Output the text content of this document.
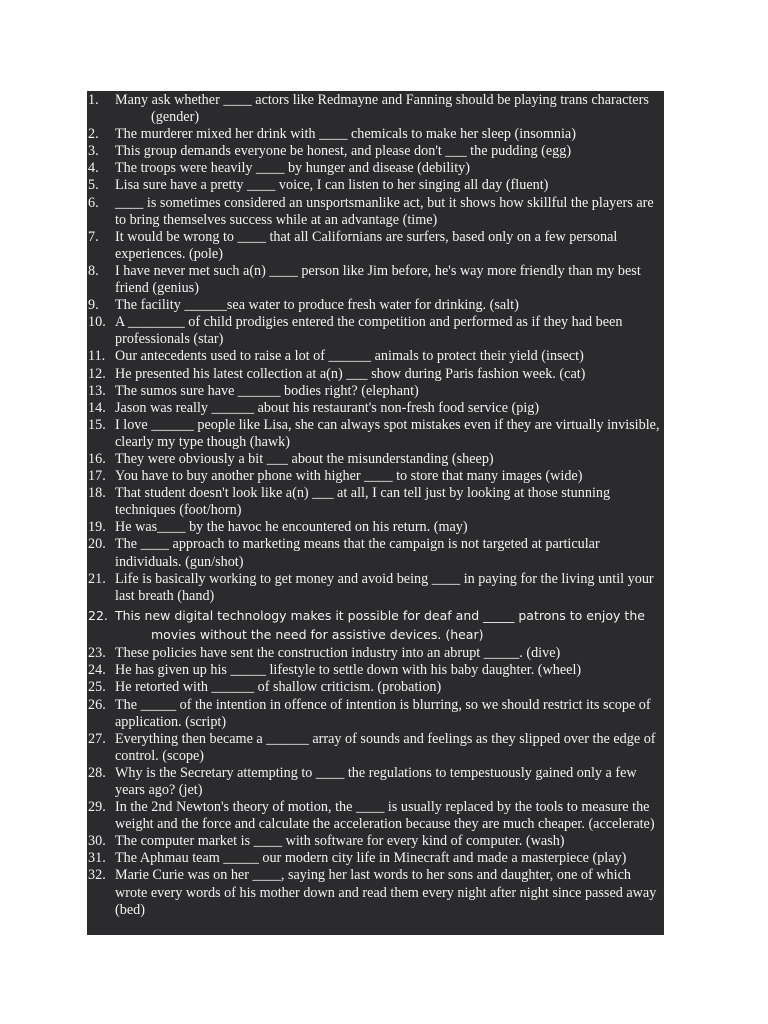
1.	Many ask whether ____ actors like Redmayne and Fanning should be playing trans characters (gender)
2.	The murderer mixed her drink with ____ chemicals to make her sleep (insomnia)
3.	This group demands everyone be honest, and please don't ___ the pudding (egg)
4.	The troops were heavily ____ by hunger and disease (debility)
5.	Lisa sure have a pretty ____ voice, I can listen to her singing all day (fluent)
6.	____ is sometimes considered an unsportsmanlike act, but it shows how skillful the players are to bring themselves success while at an advantage (time)
7.	It would be wrong to ____ that all Californians are surfers, based only on a few personal experiences. (pole)
8.	I have never met such a(n) ____ person like Jim before, he's way more friendly than my best friend (genius)
9.	The facility ______sea water to produce fresh water for drinking. (salt)
10. A ________ of child prodigies entered the competition and performed as if they had been professionals (star)
11. Our antecedents used to raise a lot of ______ animals to protect their yield (insect)
12. He presented his latest collection at a(n) ___ show during Paris fashion week. (cat)
13. The sumos sure have ______ bodies right? (elephant)
14. Jason was really ______ about his restaurant's non-fresh food service (pig)
15. I love ______ people like Lisa, she can always spot mistakes even if they are virtually invisible, clearly my type though (hawk)
16. They were obviously a bit ___ about the misunderstanding (sheep)
17. You have to buy another phone with higher ____ to store that many images (wide)
18. That student doesn't look like a(n) ___ at all, I can tell just by looking at those stunning techniques (foot/horn)
19. He was____ by the havoc he encountered on his return. (may)
20. The ____ approach to marketing means that the campaign is not targeted at particular individuals. (gun/shot)
21. Life is basically working to get money and avoid being ____ in paying for the living until your last breath (hand)
22. This new digital technology makes it possible for deaf and _____ patrons to enjoy the movies without the need for assistive devices. (hear)
23. These policies have sent the construction industry into an abrupt _____. (dive)
24. He has given up his _____ lifestyle to settle down with his baby daughter. (wheel)
25. He retorted with ______ of shallow criticism. (probation)
26. The _____ of the intention in offence of intention is blurring, so we should restrict its scope of application. (script)
27. Everything then became a ______ array of sounds and feelings as they slipped over the edge of control. (scope)
28. Why is the Secretary attempting to ____ the regulations to tempestuously gained only a few years ago? (jet)
29. In the 2nd Newton's theory of motion, the ____ is usually replaced by the tools to measure the weight and the force and calculate the acceleration because they are much cheaper. (accelerate)
30. The computer market is ____ with software for every kind of computer. (wash)
31. The Aphmau team _____ our modern city life in Minecraft and made a masterpiece (play)
32. Marie Curie was on her ____, saying her last words to her sons and daughter, one of which wrote every words of his mother down and read them every night after night since passed away (bed)
